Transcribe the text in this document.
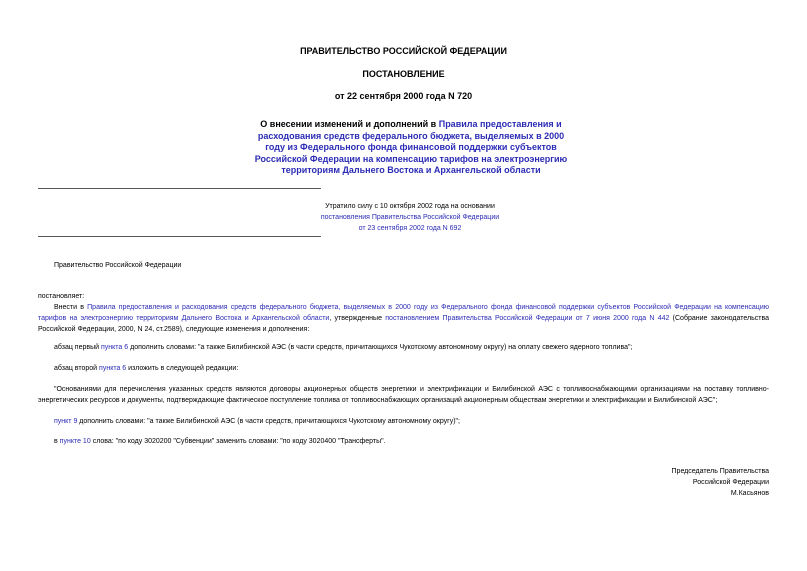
ПРАВИТЕЛЬСТВО РОССИЙСКОЙ ФЕДЕРАЦИИ
ПОСТАНОВЛЕНИЕ
от 22 сентября 2000 года N 720
О внесении изменений и дополнений в Правила предоставления и расходования средств федерального бюджета, выделяемых в 2000 году из Федерального фонда финансовой поддержки субъектов Российской Федерации на компенсацию тарифов на электроэнергию территориям Дальнего Востока и Архангельской области
Утратило силу с 10 октября 2002 года на основании
постановления Правительства Российской Федерации
от 23 сентября 2002 года N 692
Правительство Российской Федерации
постановляет:
Внести в Правила предоставления и расходования средств федерального бюджета, выделяемых в 2000 году из Федерального фонда финансовой поддержки субъектов Российской Федерации на компенсацию тарифов на электроэнергию территориям Дальнего Востока и Архангельской области, утвержденные постановлением Правительства Российской Федерации от 7 июня 2000 года N 442 (Собрание законодательства Российской Федерации, 2000, N 24, ст.2589), следующие изменения и дополнения:
абзац первый пункта 6 дополнить словами: "а также Билибинской АЭС (в части средств, причитающихся Чукотскому автономному округу) на оплату свежего ядерного топлива";
абзац второй пункта 6 изложить в следующей редакции:
"Основаниями для перечисления указанных средств являются договоры акционерных обществ энергетики и электрификации и Билибинской АЭС с топливоснабжающими организациями на поставку топливно-энергетических ресурсов и документы, подтверждающие фактическое поступление топлива от топливоснабжающих организаций акционерным обществам энергетики и электрификации и Билибинской АЭС";
пункт 9 дополнить словами: "а также Билибинской АЭС (в части средств, причитающихся Чукотскому автономному округу)";
в пункте 10 слова: "по коду 3020200 "Субвенции" заменить словами: "по коду 3020400 "Трансферты".
Председатель Правительства
Российской Федерации
М.Касьянов
